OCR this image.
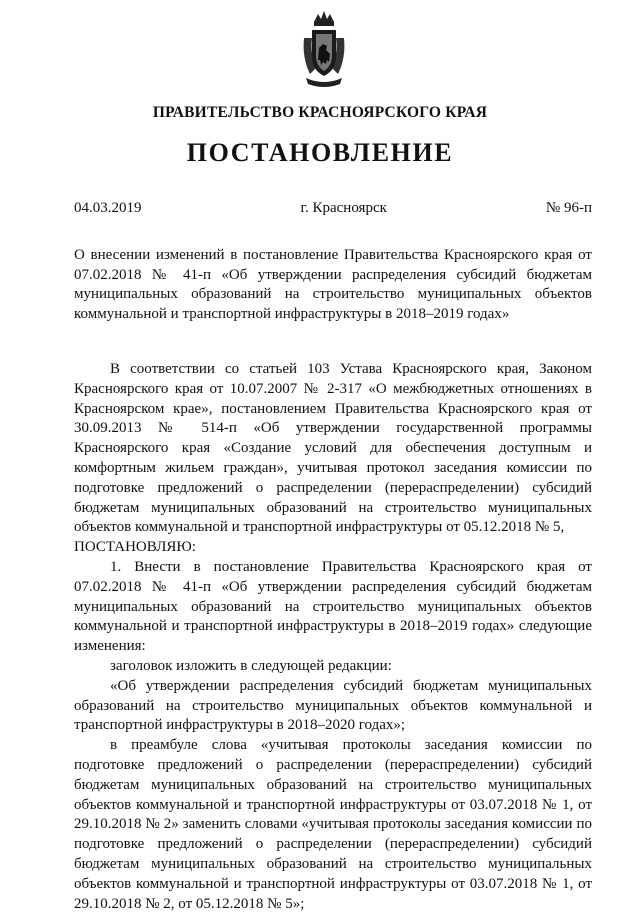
ПРАВИТЕЛЬСТВО КРАСНОЯРСКОГО КРАЯ
ПОСТАНОВЛЕНИЕ
04.03.2019	г. Красноярск	№ 96-п
О внесении изменений в постановление Правительства Красноярского края от 07.02.2018 № 41-п «Об утверждении распределения субсидий бюджетам муниципальных образований на строительство муниципальных объектов коммунальной и транспортной инфраструктуры в 2018–2019 годах»

В соответствии со статьей 103 Устава Красноярского края, Законом Красноярского края от 10.07.2007 № 2-317 «О межбюджетных отношениях в Красноярском крае», постановлением Правительства Красноярского края от 30.09.2013 № 514-п «Об утверждении государственной программы Красноярского края «Создание условий для обеспечения доступным и комфортным жильем граждан», учитывая протокол заседания комиссии по подготовке предложений о распределении (перераспределении) субсидий бюджетам муниципальных образований на строительство муниципальных объектов коммунальной и транспортной инфраструктуры от 05.12.2018 № 5,

ПОСТАНОВЛЯЮ:

1. Внести в постановление Правительства Красноярского края от 07.02.2018 № 41-п «Об утверждении распределения субсидий бюджетам муниципальных образований на строительство муниципальных объектов коммунальной и транспортной инфраструктуры в 2018–2019 годах» следующие изменения:

заголовок изложить в следующей редакции:

«Об утверждении распределения субсидий бюджетам муниципальных образований на строительство муниципальных объектов коммунальной и транспортной инфраструктуры в 2018–2020 годах»;

в преамбуле слова «учитывая протоколы заседания комиссии по подготовке предложений о распределении (перераспределении) субсидий бюджетам муниципальных образований на строительство муниципальных объектов коммунальной и транспортной инфраструктуры от 03.07.2018 № 1, от 29.10.2018 № 2» заменить словами «учитывая протоколы заседания комиссии по подготовке предложений о распределении (перераспределении) субсидий бюджетам муниципальных образований на строительство муниципальных объектов коммунальной и транспортной инфраструктуры от 03.07.2018 № 1, от 29.10.2018 № 2, от 05.12.2018 № 5»;
